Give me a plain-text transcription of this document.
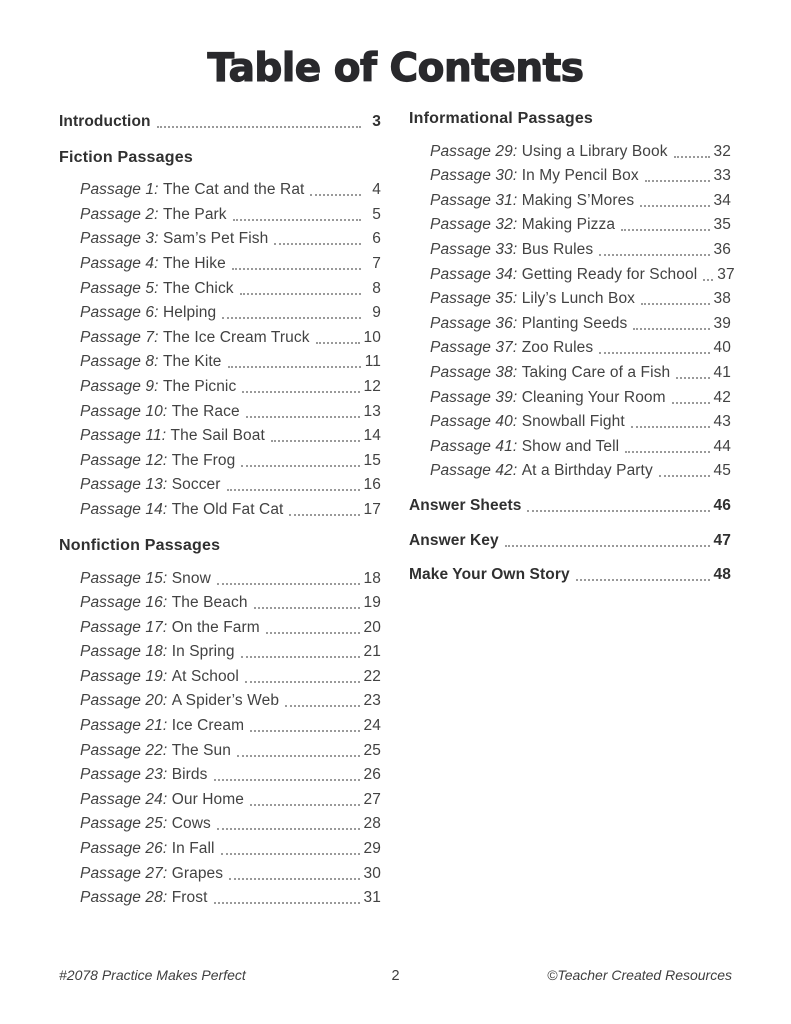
Table of Contents
Introduction	3
Fiction Passages
Passage 1: The Cat and the Rat	4
Passage 2: The Park	5
Passage 3: Sam’s Pet Fish	6
Passage 4: The Hike	7
Passage 5: The Chick	8
Passage 6: Helping	9
Passage 7: The Ice Cream Truck	10
Passage 8: The Kite	11
Passage 9: The Picnic	12
Passage 10: The Race	13
Passage 11: The Sail Boat	14
Passage 12: The Frog	15
Passage 13: Soccer	16
Passage 14: The Old Fat Cat	17
Nonfiction Passages
Passage 15: Snow	18
Passage 16: The Beach	19
Passage 17: On the Farm	20
Passage 18: In Spring	21
Passage 19: At School	22
Passage 20: A Spider’s Web	23
Passage 21: Ice Cream	24
Passage 22: The Sun	25
Passage 23: Birds	26
Passage 24: Our Home	27
Passage 25: Cows	28
Passage 26: In Fall	29
Passage 27: Grapes	30
Passage 28: Frost	31
Informational Passages
Passage 29: Using a Library Book	32
Passage 30: In My Pencil Box	33
Passage 31: Making S’Mores	34
Passage 32: Making Pizza	35
Passage 33: Bus Rules	36
Passage 34: Getting Ready for School 37
Passage 35: Lily’s Lunch Box	38
Passage 36: Planting Seeds	39
Passage 37: Zoo Rules	40
Passage 38: Taking Care of a Fish	41
Passage 39: Cleaning Your Room	42
Passage 40: Snowball Fight	43
Passage 41: Show and Tell	44
Passage 42: At a Birthday Party	45
Answer Sheets	46
Answer Key	47
Make Your Own Story	48
#2078 Practice Makes Perfect	2	©Teacher Created Resources
